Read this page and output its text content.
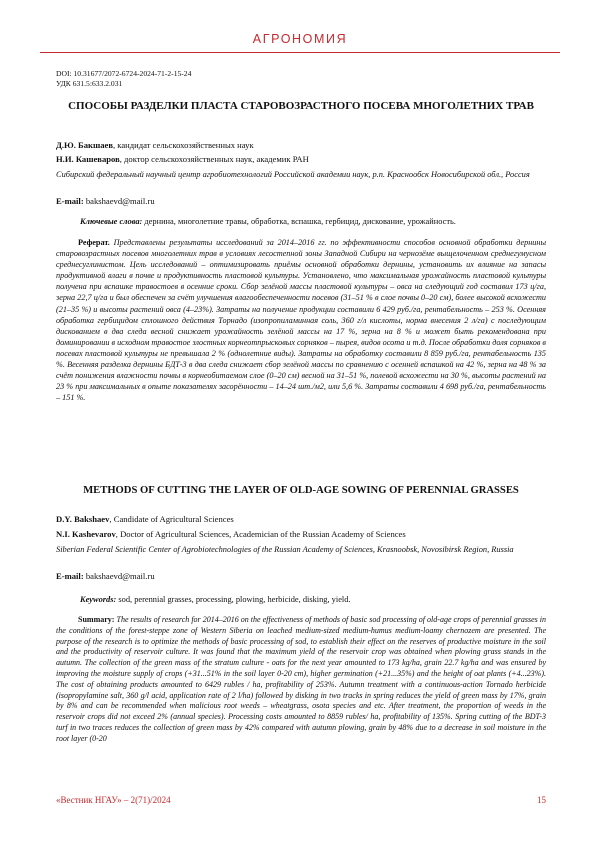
АГРОНОМИЯ
DOI: 10.31677/2072-6724-2024-71-2-15-24
УДК 631.5:633.2.031
СПОСОБЫ РАЗДЕЛКИ ПЛАСТА СТАРОВОЗРАСТНОГО ПОСЕВА МНОГОЛЕТНИХ ТРАВ
Д.Ю. Бакшаев, кандидат сельскохозяйственных наук
Н.И. Кашеваров, доктор сельскохозяйственных наук, академик РАН
Сибирский федеральный научный центр агробиотехнологий Российской академии наук, р.п. Краснообск Новосибирской обл., Россия
E-mail: bakshaevd@mail.ru
Ключевые слова: дернина, многолетние травы, обработка, вспашка, гербицид, дискование, урожайность.
Реферат. Представлены результаты исследований за 2014–2016 гг. по эффективности способов основной обработки дернины старовозрастных посевов многолетних трав в условиях лесостепной зоны Западной Сибири на чернозёме выщелоченном среднегумусном среднесуглинистом. Цель исследований – оптимизировать приёмы основной обработки дернины, установить их влияние на запасы продуктивной влаги в почве и продуктивность пластовой культуры. Установлено, что максимальная урожайность пластовой культуры получена при вспашке травостоев в осенние сроки. Сбор зелёной массы пластовой культуры – овса на следующий год составил 173 ц/га, зерна 22,7 ц/га и был обеспечен за счёт улучшения влагообеспеченности посевов (31–51 % в слое почвы 0–20 см), более высокой всхожести (21–35 %) и высоты растений овса (4–23%). Затраты на получение продукции составили 6 429 руб./га, рентабельность – 253 %. Осенняя обработка гербицидом сплошного действия Торнадо (изопропиламинная соль, 360 г/л кислоты, норма внесения 2 л/га) с последующим дискованием в два следа весной снижает урожайность зелёной массы на 17 %, зерна на 8 % и может быть рекомендована при доминировании в исходном травостое злостных корнеотпрысковых сорняков – пырея, видов осота и т.д. После обработки доля сорняков в посевах пластовой культуры не превышала 2 % (однолетние виды). Затраты на обработку составили 8 859 руб./га, рентабельность 135 %. Весенняя разделка дернины БДТ-3 в два следа снижает сбор зелёной массы по сравнению с осенней вспашкой на 42 %, зерна на 48 % за счёт понижения влажности почвы в корнеобитаемом слое (0–20 см) весной на 31–51 %, полевой всхожести на 30 %, высоты растений на 23 % при максимальных в опыте показателях засорённости – 14–24 шт./м2, или 5,6 %. Затраты составили 4 698 руб./га, рентабельность – 151 %.
METHODS OF CUTTING THE LAYER OF OLD-AGE SOWING OF PERENNIAL GRASSES
D.Y. Bakshaev, Candidate of Agricultural Sciences
N.I. Kashevarov, Doctor of Agricultural Sciences, Academician of the Russian Academy of Sciences
Siberian Federal Scientific Center of Agrobiotechnologies of the Russian Academy of Sciences, Krasnoobsk, Novosibirsk Region, Russia
E-mail: bakshaevd@mail.ru
Keywords: sod, perennial grasses, processing, plowing, herbicide, disking, yield.
Summary: The results of research for 2014–2016 on the effectiveness of methods of basic sod processing of old-age crops of perennial grasses in the conditions of the forest-steppe zone of Western Siberia on leached medium-sized medium-humus medium-loamy chernozem are presented. The purpose of the research is to optimize the methods of basic processing of sod, to establish their effect on the reserves of productive moisture in the soil and the productivity of reservoir culture. It was found that the maximum yield of the reservoir crop was obtained when plowing grass stands in the autumn. The collection of the green mass of the stratum culture - oats for the next year amounted to 173 kg/ha, grain 22.7 kg/ha and was ensured by improving the moisture supply of crops (+31...51% in the soil layer 0-20 cm), higher germination (+21...35%) and the height of oat plants (+4...23%). The cost of obtaining products amounted to 6429 rubles / ha, profitability of 253%. Autumn treatment with a continuous-action Tornado herbicide (isopropylamine salt, 360 g/l acid, application rate of 2 l/ha) followed by disking in two tracks in spring reduces the yield of green mass by 17%, grain by 8% and can be recommended when malicious root weeds – wheatgrass, osota species and etc. After treatment, the proportion of weeds in the reservoir crops did not exceed 2% (annual species). Processing costs amounted to 8859 rubles/ ha, profitability of 135%. Spring cutting of the BDT-3 turf in two traces reduces the collection of green mass by 42% compared with autumn plowing, grain by 48% due to a decrease in soil moisture in the root layer (0-20
«Вестник НГАУ» – 2(71)/2024	15
